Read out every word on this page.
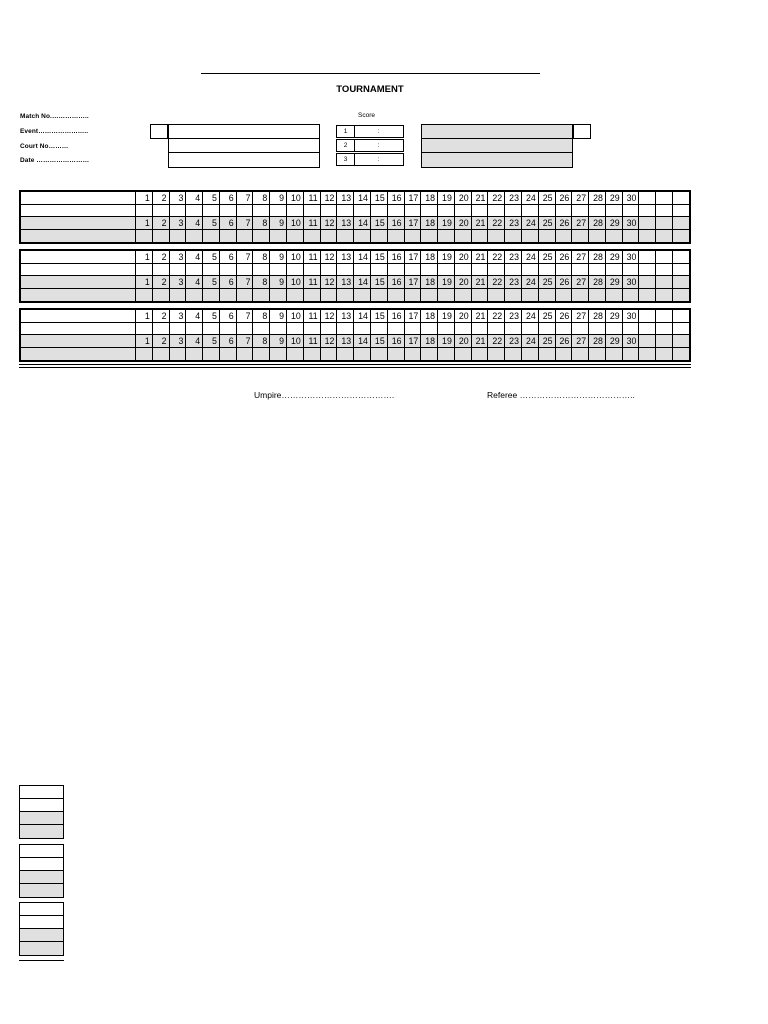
TOURNAMENT
Match No.……………..
Event…………………..
Court No………
Date ……………………
Score
1	:
2	:
3	:
	1	2	3	4	5	6	7	8	9	10	11	12	13	14	15	16	17	18	19	20	21	22	23	24	25	26	27	28	29	30			

	1	2	3	4	5	6	7	8	9	10	11	12	13	14	15	16	17	18	19	20	21	22	23	24	25	26	27	28	29	30			

	1	2	3	4	5	6	7	8	9	10	11	12	13	14	15	16	17	18	19	20	21	22	23	24	25	26	27	28	29	30			

	1	2	3	4	5	6	7	8	9	10	11	12	13	14	15	16	17	18	19	20	21	22	23	24	25	26	27	28	29	30			

	1	2	3	4	5	6	7	8	9	10	11	12	13	14	15	16	17	18	19	20	21	22	23	24	25	26	27	28	29	30			

	1	2	3	4	5	6	7	8	9	10	11	12	13	14	15	16	17	18	19	20	21	22	23	24	25	26	27	28	29	30			

Umpire………………………………….	Referee …………………………………..
